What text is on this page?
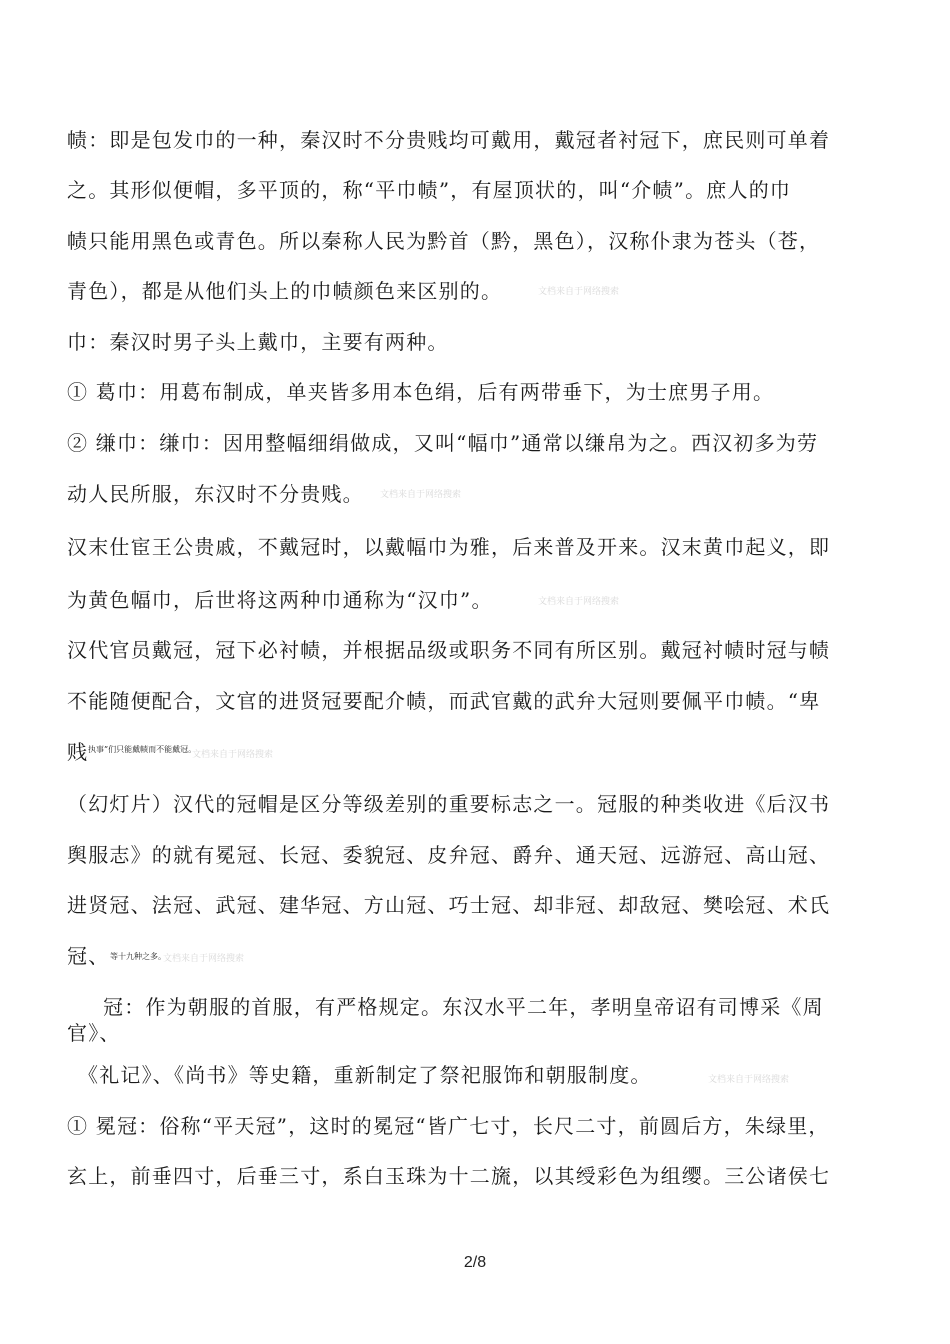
帻：即是包发巾的一种，秦汉时不分贵贱均可戴用，戴冠者衬冠下，庶民则可单着
之。其形似便帽，多平顶的，称“平巾帻”，有屋顶状的，叫“介帻”。庶人的巾
帻只能用黑色或青色。所以秦称人民为黔首（黔，黑色），汉称仆隶为苍头（苍，
青色），都是从他们头上的巾帻颜色来区别的。	文档来自于网络搜索
巾：秦汉时男子头上戴巾，主要有两种。
① 葛巾：用葛布制成，单夹皆多用本色绢，后有两带垂下，为士庶男子用。
② 缣巾：缣巾：因用整幅细绢做成，又叫“幅巾”通常以缣帛为之。西汉初多为劳
动人民所服，东汉时不分贵贱。 文档来自于网络搜索
汉末仕宦王公贵戚，不戴冠时，以戴幅巾为雅，后来普及开来。汉末黄巾起义，即
为黄色幅巾，后世将这两种巾通称为“汉巾”。	文档来自于网络搜索
汉代官员戴冠，冠下必衬帻，并根据品级或职务不同有所区别。戴冠衬帻时冠与帻
不能随便配合，文官的进贤冠要配介帻，而武官戴的武弁大冠则要佩平巾帻。“卑
贱 执事”们只能戴帻而不能戴冠。
文档来自于网络搜索
（幻灯片）汉代的冠帽是区分等级差别的重要标志之一。冠服的种类收进《后汉书
舆服志》的就有冕冠、长冠、委貌冠、皮弁冠、爵弁、通天冠、远游冠、高山冠、
进贤冠、法冠、武冠、建华冠、方山冠、巧士冠、却非冠、却敌冠、樊哙冠、术氏
冠、 等十九种之多。
文档来自于网络搜索
冠：作为朝服的首服，有严格规定。东汉水平二年，孝明皇帝诏有司博采《周
官》、
《礼记》、《尚书》等史籍，重新制定了祭祀服饰和朝服制度。	文档来自于网络搜索
① 冕冠：俗称“平天冠”，这时的冕冠“皆广七寸，长尺二寸，前圆后方，朱绿里，
玄上，前垂四寸，后垂三寸，系白玉珠为十二旒，以其绶彩色为组缨。三公诸侯七
2/8
